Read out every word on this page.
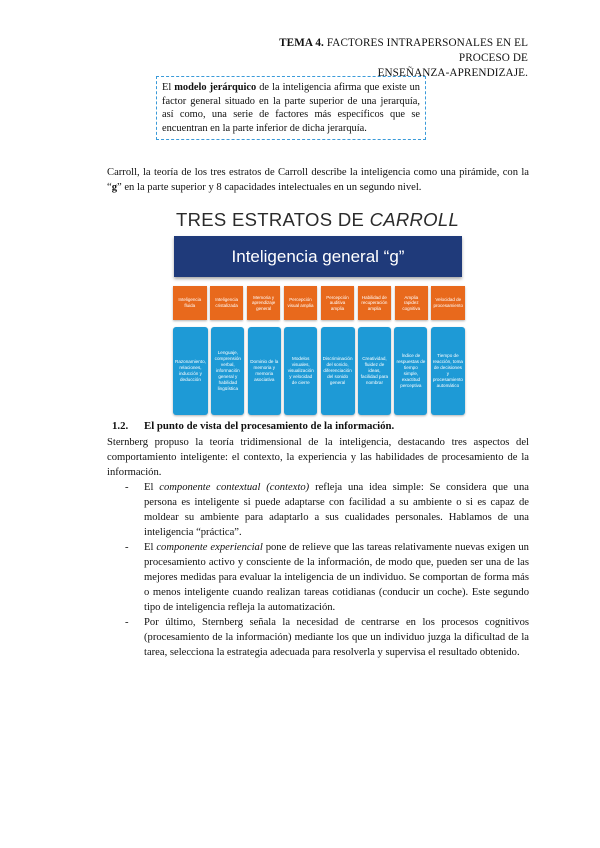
TEMA 4. FACTORES INTRAPERSONALES EN EL PROCESO DE
ENSEÑANZA-APRENDIZAJE.
El modelo jerárquico de la inteligencia afirma que existe un factor general situado en la parte superior de una jerarquía, así como, una serie de factores más específicos que se encuentran en la parte inferior de dicha jerarquía.
Carroll, la teoría de los tres estratos de Carroll describe la inteligencia como una pirámide, con la “g” en la parte superior y 8 capacidades intelectuales en un segundo nivel.
TRES ESTRATOS DE CARROLL
Inteligencia general “g”
Inteligencia fluida
Inteligencia cristalizada
Memoria y aprendizaje general
Percepción visual amplia
Percepción auditiva amplia
Habilidad de recuperación amplia
Amplia rapidez cognitiva
Velocidad de procesamiento
Razonamiento, relaciones, inducción y deducción
Lenguaje, comprensión verbal, información general y habilidad lingüística
Dominio de la memoria y memoria asociativa
Modelos visuales, visualización y velocidad de cierre
Discriminación del sonido, diferenciación del sonido general
Creatividad, fluidez de ideas, facilidad para nombrar
Índice de respuestas de tiempo simple, exactitud perceptiva
Tiempo de reacción, toma de decisiones y procesamiento automático
1.2.	El punto de vista del procesamiento de la información.
Sternberg propuso la teoría tridimensional de la inteligencia, destacando tres aspectos del comportamiento inteligente: el contexto, la experiencia y las habilidades de procesamiento de la información.
- El componente contextual (contexto) refleja una idea simple: Se considera que una persona es inteligente si puede adaptarse con facilidad a su ambiente o si es capaz de moldear su ambiente para adaptarlo a sus cualidades personales. Hablamos de una inteligencia “práctica”.
- El componente experiencial pone de relieve que las tareas relativamente nuevas exigen un procesamiento activo y consciente de la información, de modo que, pueden ser una de las mejores medidas para evaluar la inteligencia de un individuo. Se comportan de forma más o menos inteligente cuando realizan tareas cotidianas (conducir un coche). Este segundo tipo de inteligencia refleja la automatización.
- Por último, Sternberg señala la necesidad de centrarse en los procesos cognitivos (procesamiento de la información) mediante los que un individuo juzga la dificultad de la tarea, selecciona la estrategia adecuada para resolverla y supervisa el resultado obtenido.
